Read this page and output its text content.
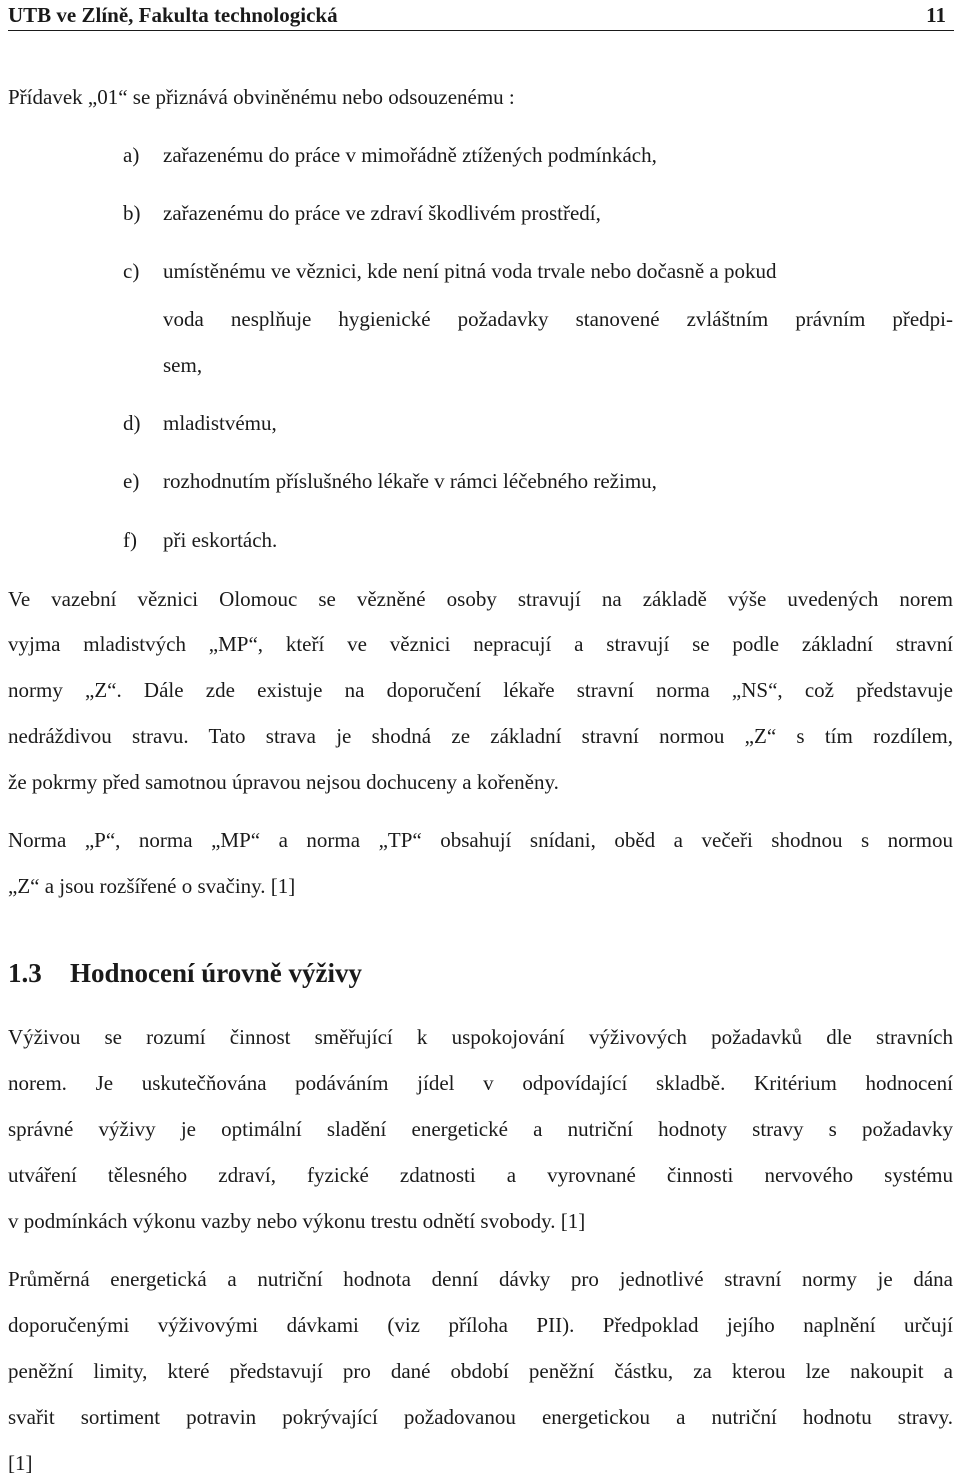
UTB ve Zlíně, Fakulta technologická	11
Přídavek „01“ se přiznává obviněnému nebo odsouzenému :
a) zařazenému do práce v mimořádně ztížených podmínkách,
b) zařazenému do práce ve zdraví škodlivém prostředí,
c) umístěnému ve věznici, kde není pitná voda trvale nebo dočasně a pokud
voda nesplňuje hygienické požadavky stanovené zvláštním právním předpi-
sem,
d) mladistvému,
e) rozhodnutím příslušného lékaře v rámci léčebného režimu,
f) při eskortách.
Ve vazební věznici Olomouc se vězněné osoby stravují na základě výše uvedených norem
vyjma mladistvých „MP“, kteří ve věznici nepracují a stravují se podle základní stravní
normy „Z“. Dále zde existuje na doporučení lékaře stravní norma „NS“, což představuje
nedráždivou stravu. Tato strava je shodná ze základní stravní normou „Z“ s tím rozdílem,
že pokrmy před samotnou úpravou nejsou dochuceny a kořeněny.
Norma „P“, norma „MP“ a norma „TP“ obsahují snídani, oběd a večeři shodnou s normou
„Z“ a jsou rozšířené o svačiny. [1]
1.3 Hodnocení úrovně výživy
Výživou se rozumí činnost směřující k uspokojování výživových požadavků dle stravních
norem. Je uskutečňována podáváním jídel v odpovídající skladbě. Kritérium hodnocení
správné výživy je optimální sladění energetické a nutriční hodnoty stravy s požadavky
utváření tělesného zdraví, fyzické zdatnosti a vyrovnané činnosti nervového systému
v podmínkách výkonu vazby nebo výkonu trestu odnětí svobody. [1]
Průměrná energetická a nutriční hodnota denní dávky pro jednotlivé stravní normy je dána
doporučenými výživovými dávkami (viz příloha PII). Předpoklad jejího naplnění určují
peněžní limity, které představují pro dané období peněžní částku, za kterou lze nakoupit a
svařit sortiment potravin pokrývající požadovanou energetickou a nutriční hodnotu stravy.
[1]
